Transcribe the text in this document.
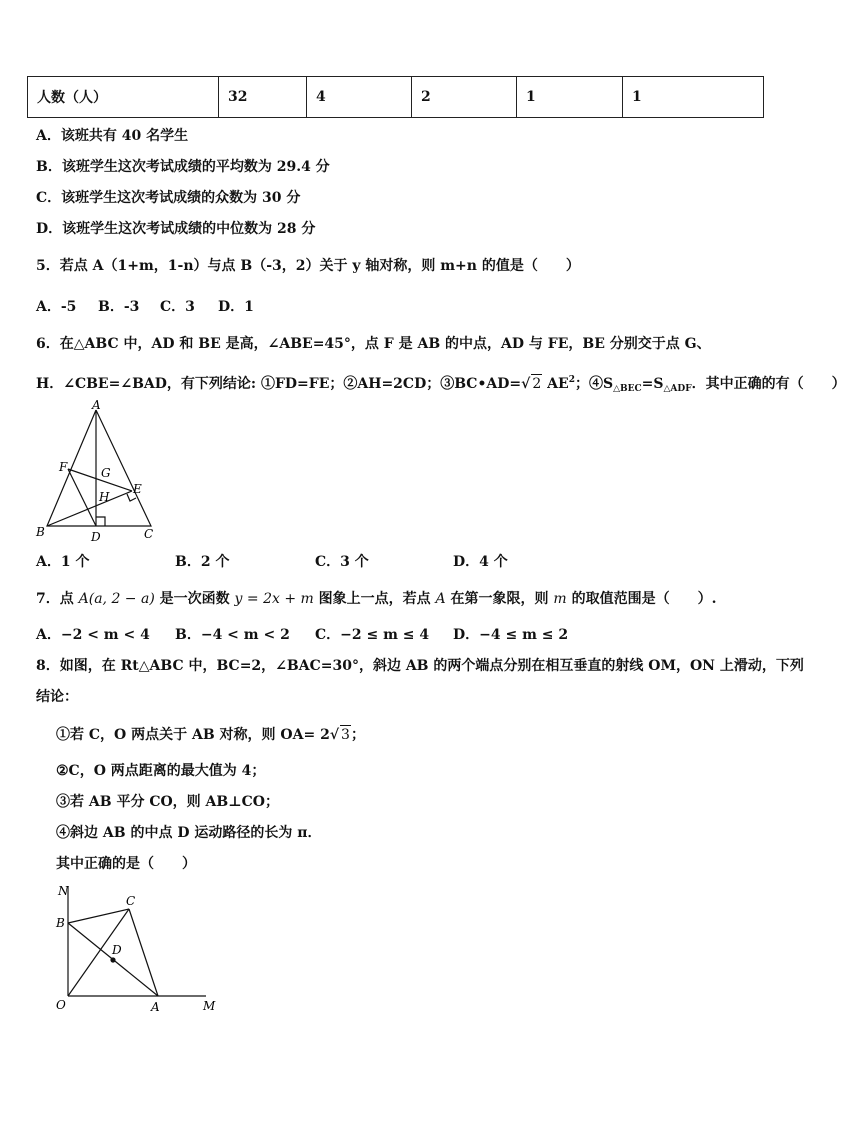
人数（人）	32	4	2	1	1
A．该班共有 40 名学生
B．该班学生这次考试成绩的平均数为 29.4 分
C．该班学生这次考试成绩的众数为 30 分
D．该班学生这次考试成绩的中位数为 28 分
5．若点 A（1+m，1-n）与点 B（-3，2）关于 y 轴对称，则 m+n 的值是（　　）
A．-5 B．-3 C．3 D．1
6．在△ABC 中，AD 和 BE 是高，∠ABE=45°，点 F 是 AB 的中点，AD 与 FE，BE 分别交于点 G、
H．∠CBE=∠BAD，有下列结论: ①FD=FE；②AH=2CD；③BC•AD=√ 2 $AE^2$；$④S_{\triangle BEC}=S_{\triangle ADF}$．其中正确的有（　　）
A
F	G
E
H
B	D	C
A．1 个	B．2 个	C．3 个	D．4 个
7．点 A(a, 2 − a) 是一次函数 y = 2x + m 图象上一点，若点 A 在第一象限，则 m 的取值范围是（　　）.
A．−2 < m < 4 B．−4 < m < 2 C．−2 ≤ m ≤ 4 D．−4 ≤ m ≤ 2
8．如图，在 Rt△ABC 中，BC=2，∠BAC=30°，斜边 AB 的两个端点分别在相互垂直的射线 OM，ON 上滑动，下列
结论：
①若 C，O 两点关于 AB 对称，则 OA= 2√ 3；
②C，O 两点距离的最大值为 4；
③若 AB 平分 CO，则 AB⊥CO；
④斜边 AB 的中点 D 运动路径的长为 π．
其中正确的是（　　）
N
C
B
D
O	A	M
